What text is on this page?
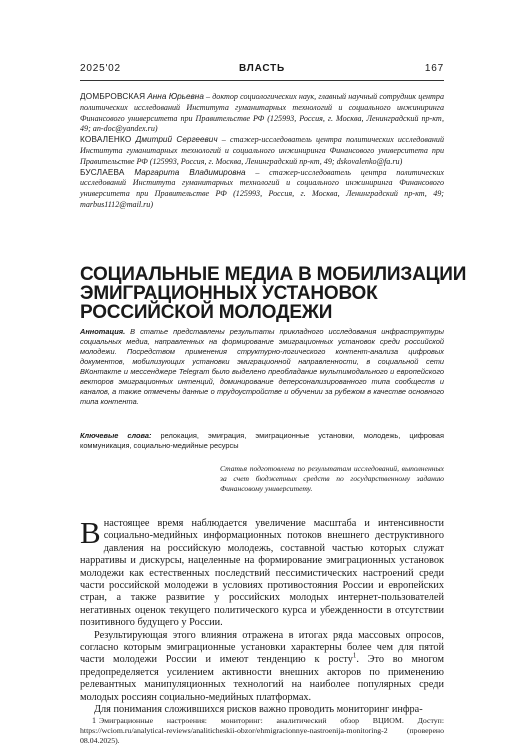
2025'02	ВЛАСТЬ	167

ДОМБРОВСКАЯ Анна Юрьевна – доктор социологических наук, главный научный сотрудник центра политических исследований Института гуманитарных технологий и социального инжиниринга Финансового университета при Правительстве РФ (125993, Россия, г. Москва, Ленинградский пр-кт, 49; an-doc@yandex.ru)

КОВАЛЕНКО Дмитрий Сергеевич – стажер-исследователь центра политических исследований Института гуманитарных технологий и социального инжиниринга Финансового университета при Правительстве РФ (125993, Россия, г. Москва, Ленинградский пр-кт, 49; dskovalenko@fa.ru)

БУСЛАЕВА Маргарита Владимировна – стажер-исследователь центра политических исследований Института гуманитарных технологий и социального инжиниринга Финансового университета при Правительстве РФ (125993, Россия, г. Москва, Ленинградский пр-кт, 49; marbus1112@mail.ru)

СОЦИАЛЬНЫЕ МЕДИА В МОБИЛИЗАЦИИ
ЭМИГРАЦИОННЫХ УСТАНОВОК
РОССИЙСКОЙ МОЛОДЕЖИ
Аннотация. В статье представлены результаты прикладного исследования инфраструктуры социальных медиа, направленных на формирование эмиграционных установок среди российской молодежи. Посредством применения структурно-логического контент-анализа цифровых документов, мобилизующих установки эмиграционной направленности, в социальной сети ВКонтакте и мессенджере Telegram было выделено преобладание мультимодального и европейского векторов эмиграционных интенций, доминирование деперсонализированного типа сообществ и каналов, а также отмечены данные о трудоустройстве и обучении за рубежом в качестве основного типа контента.
Ключевые слова: релокация, эмиграция, эмиграционные установки, молодежь, цифровая коммуникация, социально-медийные ресурсы
Статья подготовлена по результатам исследований, выполненных за счет бюджетных средств по государственному заданию Финансовому университету.

Внастоящее время наблюдается увеличение масштаба и интенсивности социально-медийных информационных потоков внешнего деструктивного давления на российскую молодежь, составной частью которых служат нарративы и дискурсы, нацеленные на формирование эмиграционных установок молодежи как естественных последствий пессимистических настроений среди части российской молодежи в условиях противостояния России и европейских стран, а также развитие у российских молодых интернет-пользователей негативных оценок текущего политического курса и убежденности в отсутствии позитивного будущего у России.

Результирующая этого влияния отражена в итогах ряда массовых опросов, согласно которым эмиграционные установки характерны более чем для пятой части молодежи России и имеют тенденцию к росту$^1$. Это во многом предопределяется усилением активности внешних акторов по применению релевантных манипуляционных технологий на наиболее популярных среди молодых россиян социально-медийных платформах.

Для понимания сложившихся рисков важно проводить мониторинг инфра-

1 Эмиграционные настроения: мониторинг: аналитический обзор ВЦИОМ. Доступ: https://wciom.ru/analytical-reviews/analiticheskii-obzor/ehmigracionnye-nastroenija-monitoring-2 (проверено 08.04.2025).
